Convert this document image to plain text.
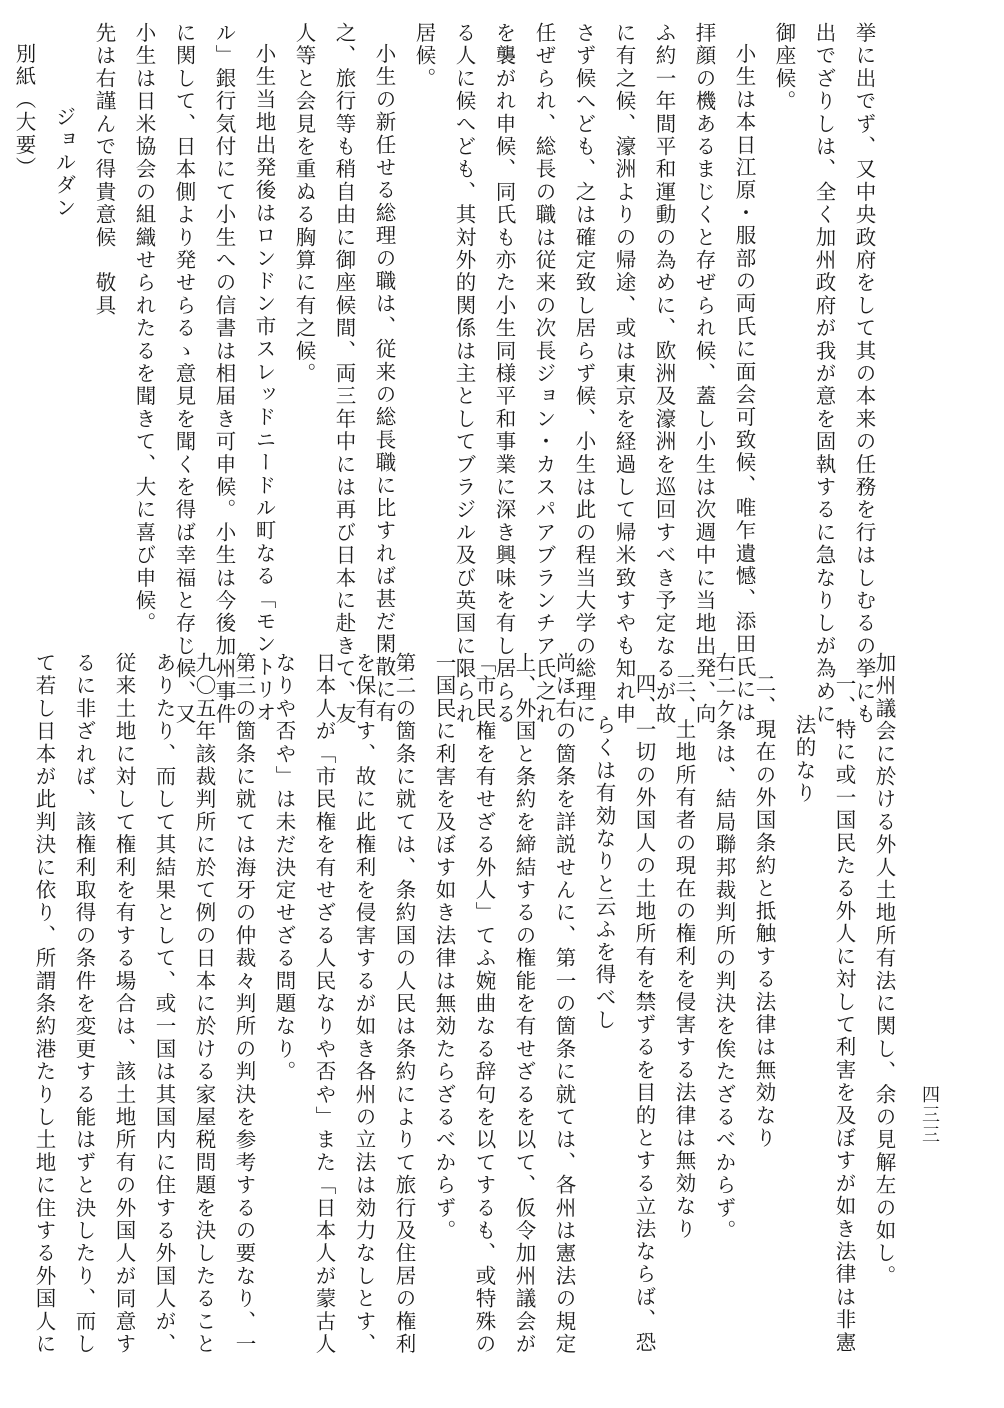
挙に出でず、又中央政府をして其の本来の任務を行はしむるの挙にも
出でざりしは、全く加州政府が我が意を固執するに急なりしが為めに
御座候。
小生は本日江原・服部の両氏に面会可致候、唯乍遺憾、添田氏には
拝顔の機あるまじくと存ぜられ候、蓋し小生は次週中に当地出発、向
ふ約一年間平和運動の為めに、欧洲及濠洲を巡回すべき予定なるが故
に有之候、濠洲よりの帰途、或は東京を経過して帰米致すやも知れ申
さず候へども、之は確定致し居らず候、小生は此の程当大学の総理に
任ぜられ、総長の職は従来の次長ジョン・カスパアブランチア氏之れ
を襲がれ申候、同氏も亦た小生同様平和事業に深き興味を有し居らる
る人に候へども、其対外的関係は主としてブラジル及び英国に限られ
居候。
小生の新任せる総理の職は、従来の総長職に比すれば甚だ閑散に有
之、旅行等も稍自由に御座候間、両三年中には再び日本に赴きて、友
人等と会見を重ぬる胸算に有之候。
小生当地出発後はロンドン市スレッドニードル町なる「モントリオ
ル」銀行気付にて小生への信書は相届き可申候。小生は今後加州事件
に関して、日本側より発せらるゝ意見を聞くを得ば幸福と存じ候、又
小生は日米協会の組織せられたるを聞きて、大に喜び申候。
先は右謹んで得貴意候　敬具
ジョルダン
別紙（大要）
加州議会に於ける外人土地所有法に関し、余の見解左の如し。
一、特に或一国民たる外人に対して利害を及ぼすが如き法律は非憲
法的なり
二、現在の外国条約と抵触する法律は無効なり
右二ケ条は、結局聯邦裁判所の判決を俟たざるべからず。
三、土地所有者の現在の権利を侵害する法律は無効なり
四、一切の外国人の土地所有を禁ずるを目的とする立法ならば、恐
らくは有効なりと云ふを得べし
尚ほ右の箇条を詳説せんに、第一の箇条に就ては、各州は憲法の規定
上、外国と条約を締結するの権能を有せざるを以て、仮令加州議会が
「市民権を有せざる外人」てふ婉曲なる辞句を以てするも、或特殊の
一国民に利害を及ぼす如き法律は無効たらざるべからず。
第二の箇条に就ては、条約国の人民は条約によりて旅行及住居の権利
を保有す、故に此権利を侵害するが如き各州の立法は効力なしとす、
日本人が「市民権を有せざる人民なりや否や」また「日本人が蒙古人
なりや否や」は未だ決定せざる問題なり。
第三の箇条に就ては海牙の仲裁々判所の判決を参考するの要なり、一
九〇五年該裁判所に於て例の日本に於ける家屋税問題を決したること
ありたり、而して其結果として、或一国は其国内に住する外国人が、
従来土地に対して権利を有する場合は、該土地所有の外国人が同意す
るに非ざれば、該権利取得の条件を変更する能はずと決したり、而し
て若し日本が此判決に依り、所謂条約港たりし土地に住する外国人に	四三三
